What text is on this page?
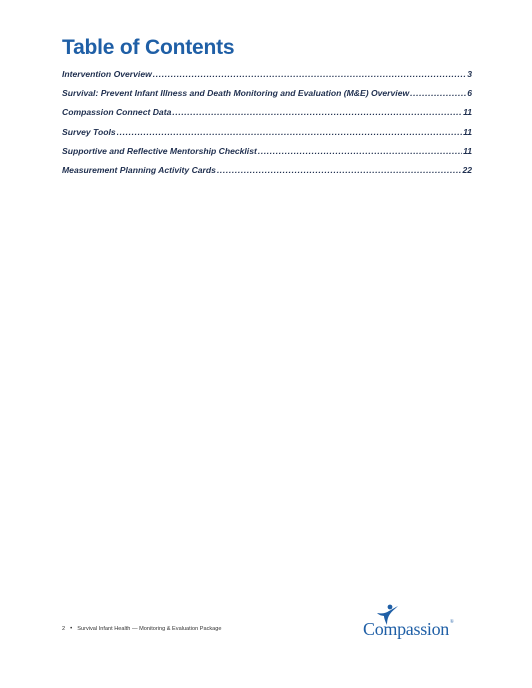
Table of Contents
Intervention Overview .....	3
Survival: Prevent Infant Illness and Death Monitoring and Evaluation (M&E) Overview .....	6
Compassion Connect Data .....	11
Survey Tools .....	11
Supportive and Reflective Mentorship Checklist .....	11
Measurement Planning Activity Cards .....	22
2 • Survival Infant Health — Monitoring & Evaluation Package	Compassion®
